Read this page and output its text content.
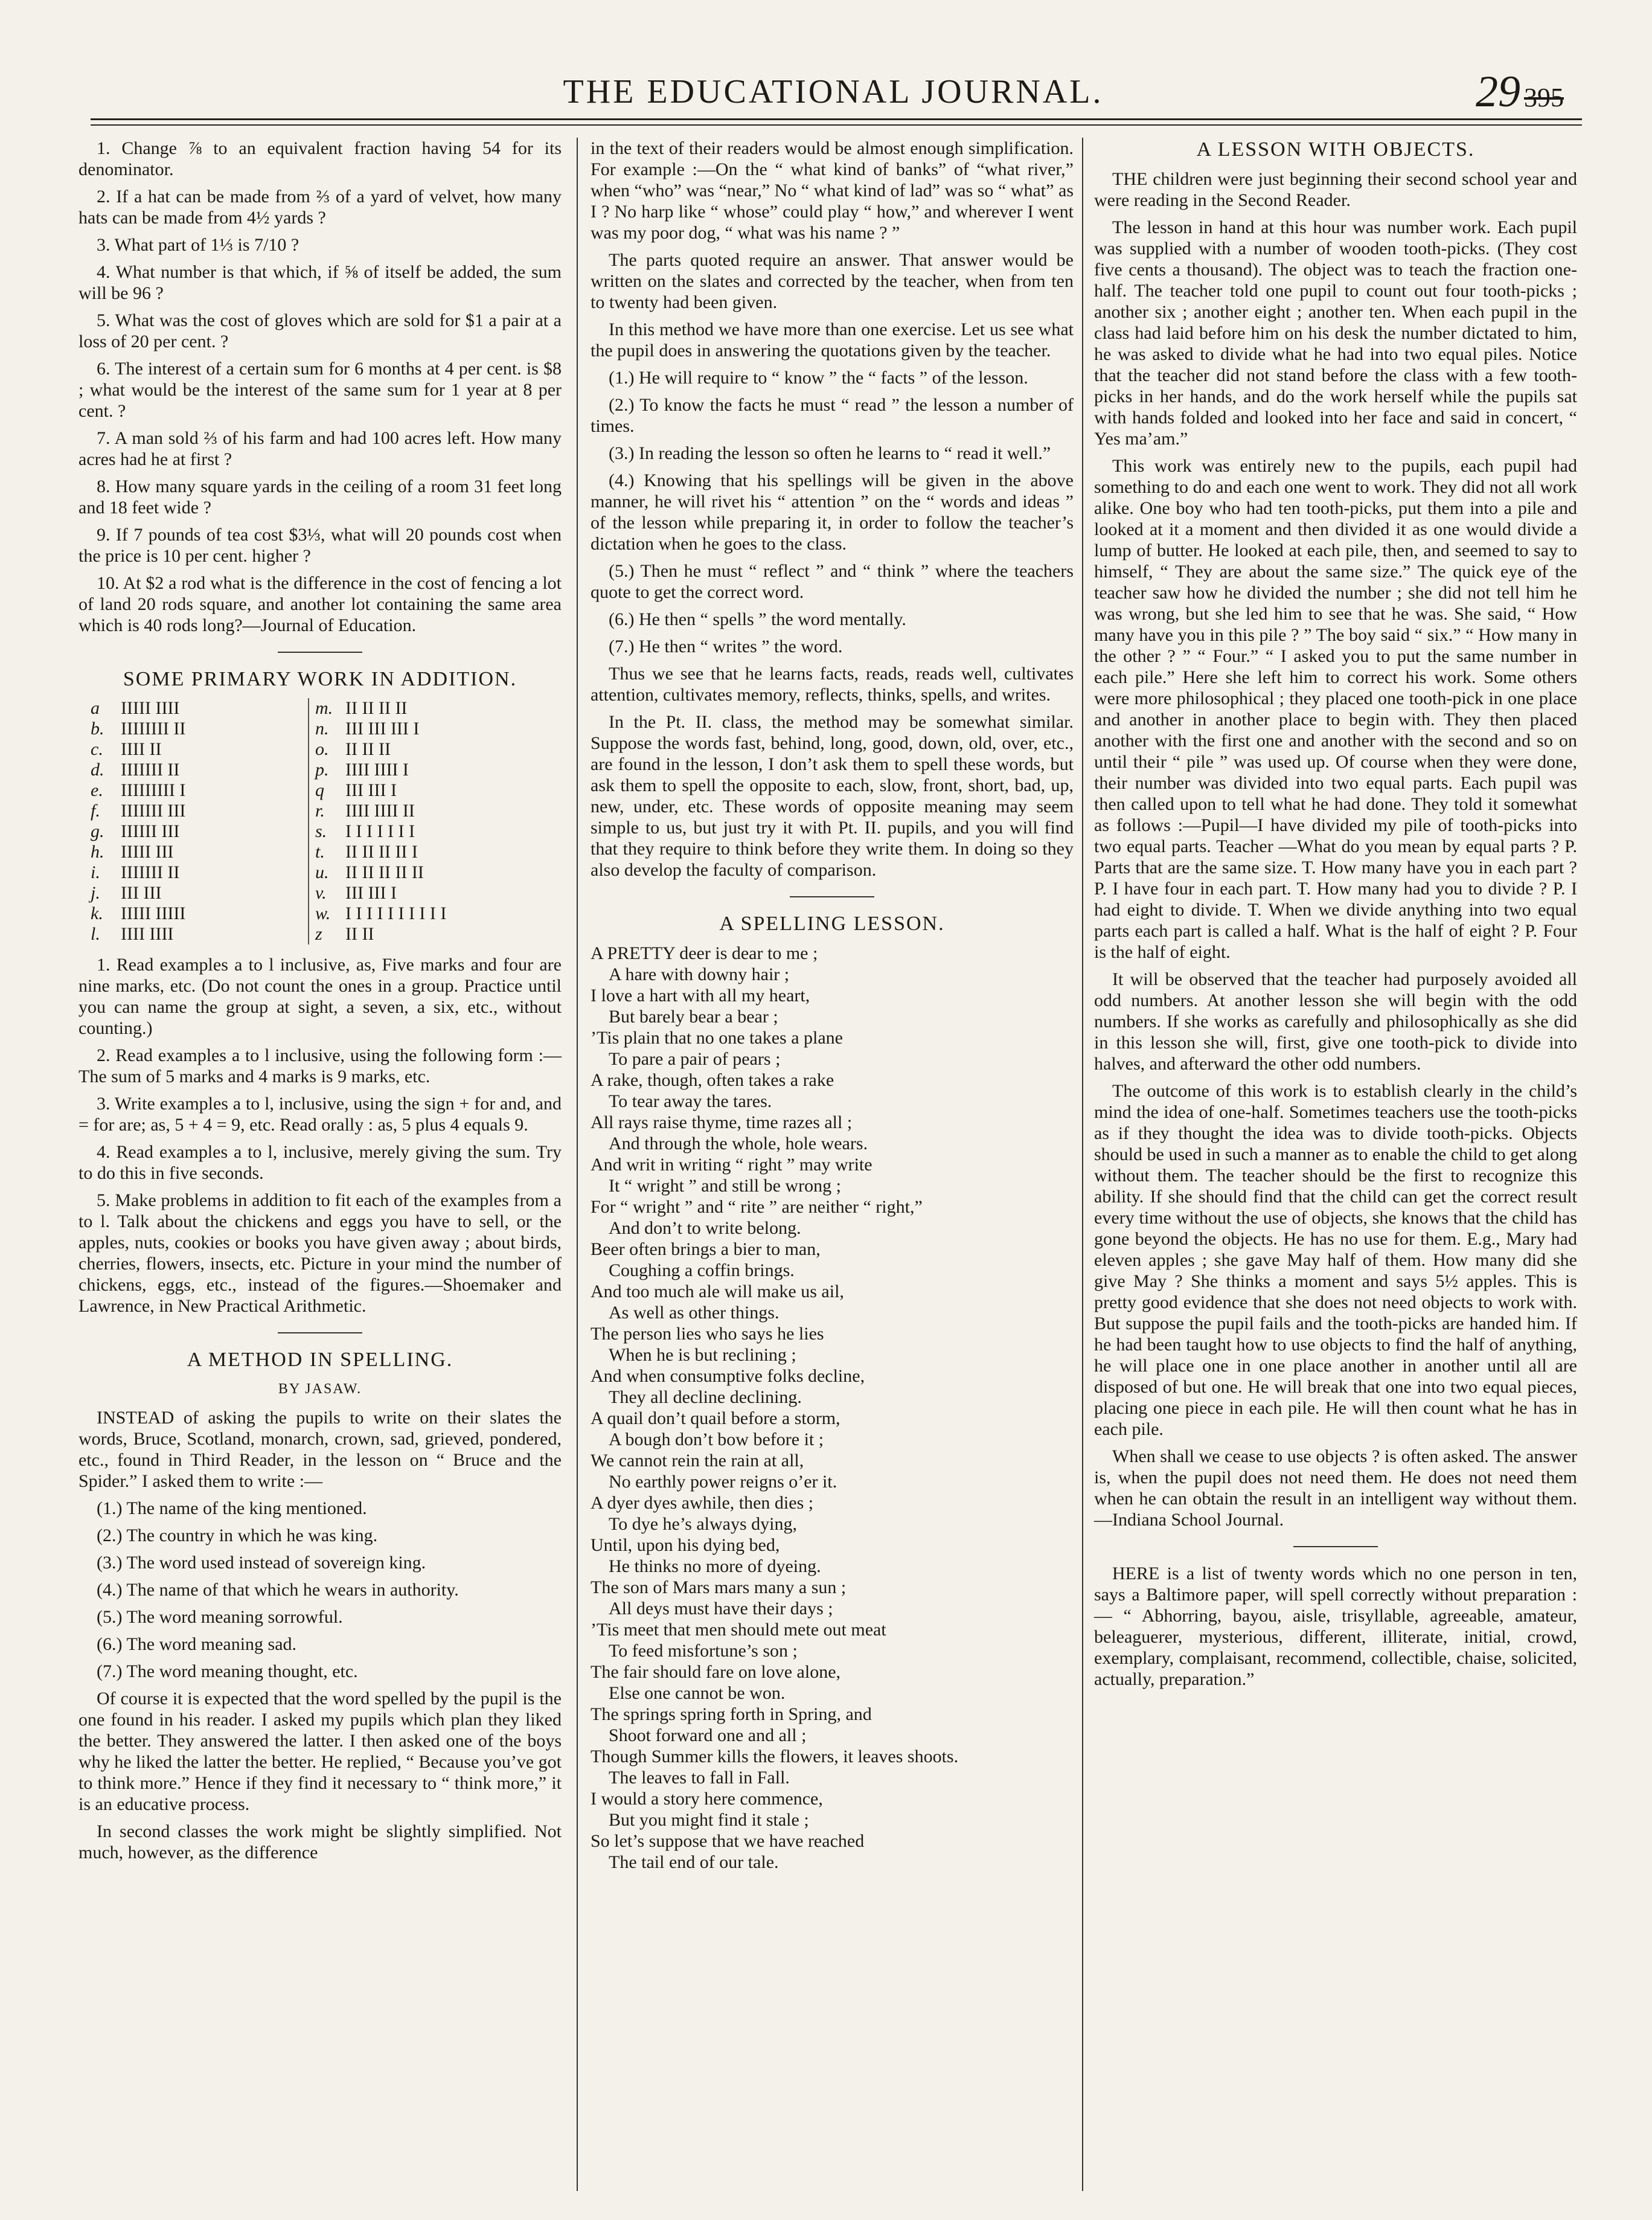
THE EDUCATIONAL JOURNAL.	29 395

1. Change ⅞ to an equivalent fraction having 54 for its denominator.

2. If a hat can be made from ⅔ of a yard of velvet, how many hats can be made from 4½ yards ?

3. What part of 1⅓ is 7/10 ?

4. What number is that which, if ⅝ of itself be added, the sum will be 96 ?

5. What was the cost of gloves which are sold for $1 a pair at a loss of 20 per cent. ?

6. The interest of a certain sum for 6 months at 4 per cent. is $8 ; what would be the interest of the same sum for 1 year at 8 per cent. ?

7. A man sold ⅔ of his farm and had 100 acres left. How many acres had he at first ?

8. How many square yards in the ceiling of a room 31 feet long and 18 feet wide ?

9. If 7 pounds of tea cost $3⅓, what will 20 pounds cost when the price is 10 per cent. higher ?

10. At $2 a rod what is the difference in the cost of fencing a lot of land 20 rods square, and another lot containing the same area which is 40 rods long?—Journal of Education.

SOME PRIMARY WORK IN ADDITION.
a	IIIII IIII
b. IIIIIIII II
c. IIII II
d. IIIIIII II
e. IIIIIIIII I
f.	IIIIIII III
g. IIIIII III
h. IIIII III
i.	IIIIIII II
j.	III III
k. IIIII IIIII
l.	IIII IIII
m. II II II II
n. III III III I
o. II II II
p. IIII IIII I
q	III III I
r.	IIII IIII II
s.	I I I I I I I
t.	II II II II I
u. II II II II II
v.	III III I
w. I I I I I I I I I I
z	II II

1. Read examples a to l inclusive, as, Five marks and four are nine marks, etc. (Do not count the ones in a group. Practice until you can name the group at sight, a seven, a six, etc., without counting.)

2. Read examples a to l inclusive, using the following form :—The sum of 5 marks and 4 marks is 9 marks, etc.

3. Write examples a to l, inclusive, using the sign + for and, and = for are; as, 5 + 4 = 9, etc. Read orally : as, 5 plus 4 equals 9.

4. Read examples a to l, inclusive, merely giving the sum. Try to do this in five seconds.

5. Make problems in addition to fit each of the examples from a to l. Talk about the chickens and eggs you have to sell, or the apples, nuts, cookies or books you have given away ; about birds, cherries, flowers, insects, etc. Picture in your mind the number of chickens, eggs, etc., instead of the figures.—Shoemaker and Lawrence, in New Practical Arithmetic.

A METHOD IN SPELLING.
BY JASAW.

INSTEAD of asking the pupils to write on their slates the words, Bruce, Scotland, monarch, crown, sad, grieved, pondered, etc., found in Third Reader, in the lesson on “ Bruce and the Spider.” I asked them to write :—

(1.) The name of the king mentioned.

(2.) The country in which he was king.

(3.) The word used instead of sovereign king.

(4.) The name of that which he wears in authority.

(5.) The word meaning sorrowful.

(6.) The word meaning sad.

(7.) The word meaning thought, etc.

Of course it is expected that the word spelled by the pupil is the one found in his reader. I asked my pupils which plan they liked the better. They answered the latter. I then asked one of the boys why he liked the latter the better. He replied, “ Because you’ve got to think more.” Hence if they find it necessary to “ think more,” it is an educative process.

In second classes the work might be slightly simplified. Not much, however, as the difference

in the text of their readers would be almost enough simplification. For example :—On the “ what kind of banks” of “what river,” when “who” was “near,” No “ what kind of lad” was so “ what” as I ? No harp like “ whose” could play “ how,” and wherever I went was my poor dog, “ what was his name ? ”

The parts quoted require an answer. That answer would be written on the slates and corrected by the teacher, when from ten to twenty had been given.

In this method we have more than one exercise. Let us see what the pupil does in answering the quotations given by the teacher.

(1.) He will require to “ know ” the “ facts ” of the lesson.

(2.) To know the facts he must “ read ” the lesson a number of times.

(3.) In reading the lesson so often he learns to “ read it well.”

(4.) Knowing that his spellings will be given in the above manner, he will rivet his “ attention ” on the “ words and ideas ” of the lesson while preparing it, in order to follow the teacher’s dictation when he goes to the class.

(5.) Then he must “ reflect ” and “ think ” where the teachers quote to get the correct word.

(6.) He then “ spells ” the word mentally.

(7.) He then “ writes ” the word.

Thus we see that he learns facts, reads, reads well, cultivates attention, cultivates memory, reflects, thinks, spells, and writes.

In the Pt. II. class, the method may be somewhat similar. Suppose the words fast, behind, long, good, down, old, over, etc., are found in the lesson, I don’t ask them to spell these words, but ask them to spell the opposite to each, slow, front, short, bad, up, new, under, etc. These words of opposite meaning may seem simple to us, but just try it with Pt. II. pupils, and you will find that they require to think before they write them. In doing so they also develop the faculty of comparison.

A SPELLING LESSON.
A PRETTY deer is dear to me ;
A hare with downy hair ;
I love a hart with all my heart,
But barely bear a bear ;
’Tis plain that no one takes a plane
To pare a pair of pears ;
A rake, though, often takes a rake
To tear away the tares.
All rays raise thyme, time razes all ;
And through the whole, hole wears.
And writ in writing “ right ” may write
It “ wright ” and still be wrong ;
For “ wright ” and “ rite ” are neither “ right,”
And don’t to write belong.
Beer often brings a bier to man,
Coughing a coffin brings.
And too much ale will make us ail,
As well as other things.
The person lies who says he lies
When he is but reclining ;
And when consumptive folks decline,
They all decline declining.
A quail don’t quail before a storm,
A bough don’t bow before it ;
We cannot rein the rain at all,
No earthly power reigns o’er it.
A dyer dyes awhile, then dies ;
To dye he’s always dying,
Until, upon his dying bed,
He thinks no more of dyeing.
The son of Mars mars many a sun ;
All deys must have their days ;
’Tis meet that men should mete out meat
To feed misfortune’s son ;
The fair should fare on love alone,
Else one cannot be won.
The springs spring forth in Spring, and
Shoot forward one and all ;
Though Summer kills the flowers, it leaves shoots.
The leaves to fall in Fall.
I would a story here commence,
But you might find it stale ;
So let’s suppose that we have reached
The tail end of our tale.
A LESSON WITH OBJECTS.

THE children were just beginning their second school year and were reading in the Second Reader.

The lesson in hand at this hour was number work. Each pupil was supplied with a number of wooden tooth-picks. (They cost five cents a thousand). The object was to teach the fraction one-half. The teacher told one pupil to count out four tooth-picks ; another six ; another eight ; another ten. When each pupil in the class had laid before him on his desk the number dictated to him, he was asked to divide what he had into two equal piles. Notice that the teacher did not stand before the class with a few tooth-picks in her hands, and do the work herself while the pupils sat with hands folded and looked into her face and said in concert, “ Yes ma’am.”

This work was entirely new to the pupils, each pupil had something to do and each one went to work. They did not all work alike. One boy who had ten tooth-picks, put them into a pile and looked at it a moment and then divided it as one would divide a lump of butter. He looked at each pile, then, and seemed to say to himself, “ They are about the same size.” The quick eye of the teacher saw how he divided the number ; she did not tell him he was wrong, but she led him to see that he was. She said, “ How many have you in this pile ? ” The boy said “ six.” “ How many in the other ? ” “ Four.” “ I asked you to put the same number in each pile.” Here she left him to correct his work. Some others were more philosophical ; they placed one tooth-pick in one place and another in another place to begin with. They then placed another with the first one and another with the second and so on until their “ pile ” was used up. Of course when they were done, their number was divided into two equal parts. Each pupil was then called upon to tell what he had done. They told it somewhat as follows :—Pupil—I have divided my pile of tooth-picks into two equal parts. Teacher —What do you mean by equal parts ? P. Parts that are the same size. T. How many have you in each part ? P. I have four in each part. T. How many had you to divide ? P. I had eight to divide. T. When we divide anything into two equal parts each part is called a half. What is the half of eight ? P. Four is the half of eight.

It will be observed that the teacher had purposely avoided all odd numbers. At another lesson she will begin with the odd numbers. If she works as carefully and philosophically as she did in this lesson she will, first, give one tooth-pick to divide into halves, and afterward the other odd numbers.

The outcome of this work is to establish clearly in the child’s mind the idea of one-half. Sometimes teachers use the tooth-picks as if they thought the idea was to divide tooth-picks. Objects should be used in such a manner as to enable the child to get along without them. The teacher should be the first to recognize this ability. If she should find that the child can get the correct result every time without the use of objects, she knows that the child has gone beyond the objects. He has no use for them. E.g., Mary had eleven apples ; she gave May half of them. How many did she give May ? She thinks a moment and says 5½ apples. This is pretty good evidence that she does not need objects to work with. But suppose the pupil fails and the tooth-picks are handed him. If he had been taught how to use objects to find the half of anything, he will place one in one place another in another until all are disposed of but one. He will break that one into two equal pieces, placing one piece in each pile. He will then count what he has in each pile.

When shall we cease to use objects ? is often asked. The answer is, when the pupil does not need them. He does not need them when he can obtain the result in an intelligent way without them.—Indiana School Journal.

HERE is a list of twenty words which no one person in ten, says a Baltimore paper, will spell correctly without preparation : — “ Abhorring, bayou, aisle, trisyllable, agreeable, amateur, beleaguerer, mysterious, different, illiterate, initial, crowd, exemplary, complaisant, recommend, collectible, chaise, solicited, actually, preparation.”
